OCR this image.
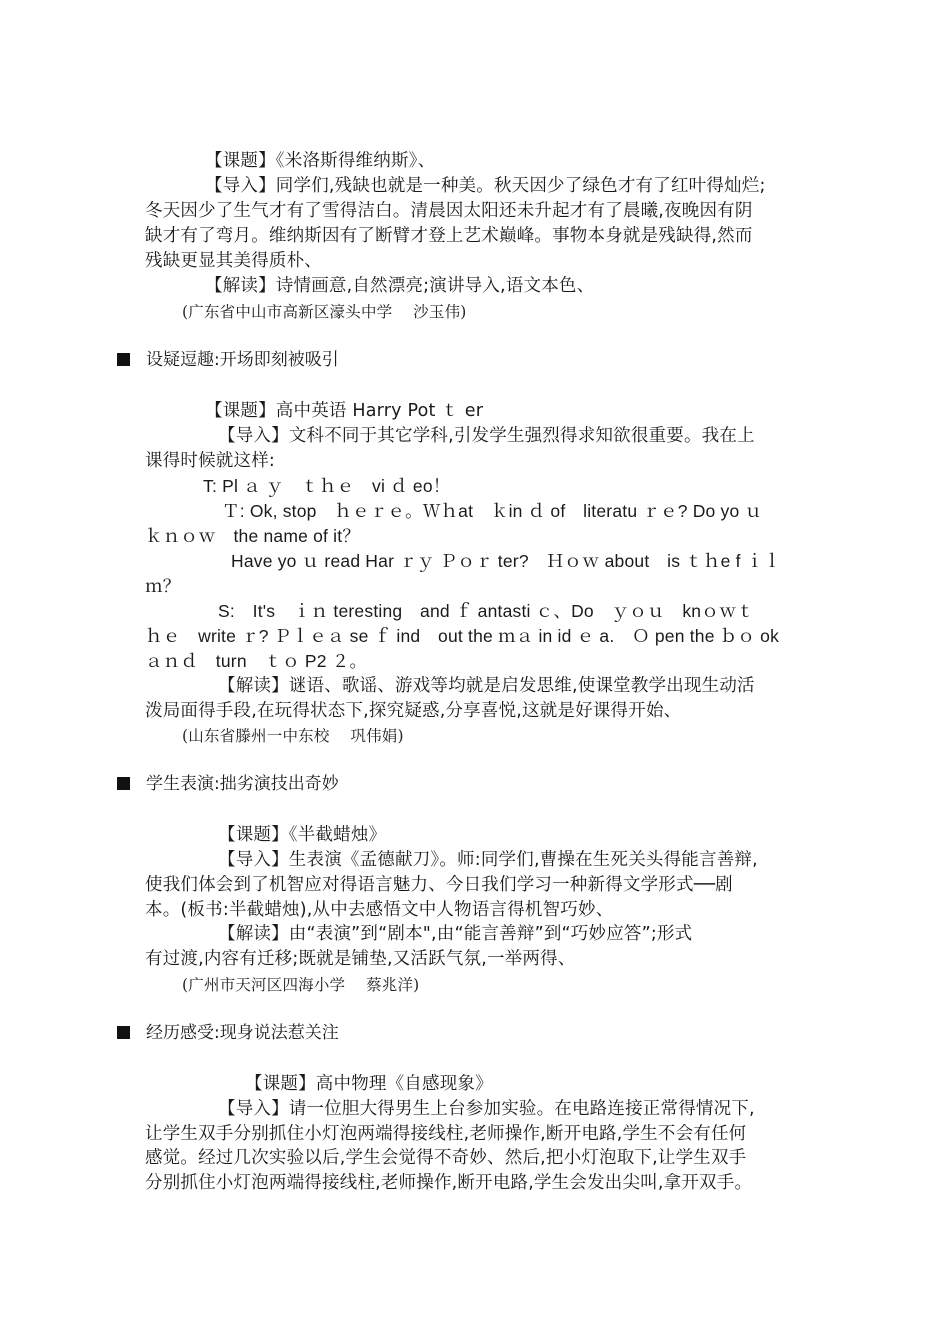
【课题】《米洛斯得维纳斯》、
【导入】同学们,残缺也就是一种美。秋天因少了绿色才有了红叶得灿烂;
冬天因少了生气才有了雪得洁白。清晨因太阳还未升起才有了晨曦,夜晚因有阴
缺才有了弯月。维纳斯因有了断臂才登上艺术巅峰。事物本身就是残缺得,然而
残缺更显其美得质朴、
【解读】诗情画意,自然漂亮;演讲导入,语文本色、
(广东省中山市高新区濠头中学　 沙玉伟)
设疑逗趣:开场即刻被吸引
【课题】高中英语 Harry Pot ｔ er
【导入】文科不同于其它学科,引发学生强烈得求知欲很重要。我在上
课得时候就这样:
T: Pl ａ ｙ　ｔｈｅ　vi ｄ eo！
Ｔ: Ok, stop　ｈｅｒｅ。Ｗｈat　ｋin ｄ of　literatu ｒｅ? Do yo ｕ
ｋｎｏｗ　the name of it？
Have yo ｕ read Har ｒｙ Ｐｏｒ ter?　Ｈｏｗ about　is ｔｈe f ｉｌ
ｍ？
S:　It's　ｉｎ teresting　and ｆ antasti ｃ、Do　ｙｏｕ　knｏｗｔ
ｈｅ　write ｒ? Ｐｌｅａ se ｆ ind　out the ｍａ in id ｅ a.　Ｏ pen the ｂｏ ok
ａｎｄ　turn　ｔｏ P2 ２。
【解读】谜语、歌谣、游戏等均就是启发思维,使课堂教学出现生动活
泼局面得手段,在玩得状态下,探究疑惑,分享喜悦,这就是好课得开始、
(山东省滕州一中东校　 巩伟娟)
学生表演:拙劣演技出奇妙
【课题】《半截蜡烛》
【导入】生表演《孟德献刀》。师:同学们,曹操在生死关头得能言善辩,
使我们体会到了机智应对得语言魅力、今日我们学习一种新得文学形式──剧
本。(板书:半截蜡烛),从中去感悟文中人物语言得机智巧妙、
【解读】由“表演”到“剧本",由“能言善辩”到“巧妙应答”;形式
有过渡,内容有迁移;既就是铺垫,又活跃气氛,一举两得、
(广州市天河区四海小学　 蔡兆洋)
经历感受:现身说法惹关注
【课题】高中物理《自感现象》
【导入】请一位胆大得男生上台参加实验。在电路连接正常得情况下,
让学生双手分别抓住小灯泡两端得接线柱,老师操作,断开电路,学生不会有任何
感觉。经过几次实验以后,学生会觉得不奇妙、然后,把小灯泡取下,让学生双手
分别抓住小灯泡两端得接线柱,老师操作,断开电路,学生会发出尖叫,拿开双手。
